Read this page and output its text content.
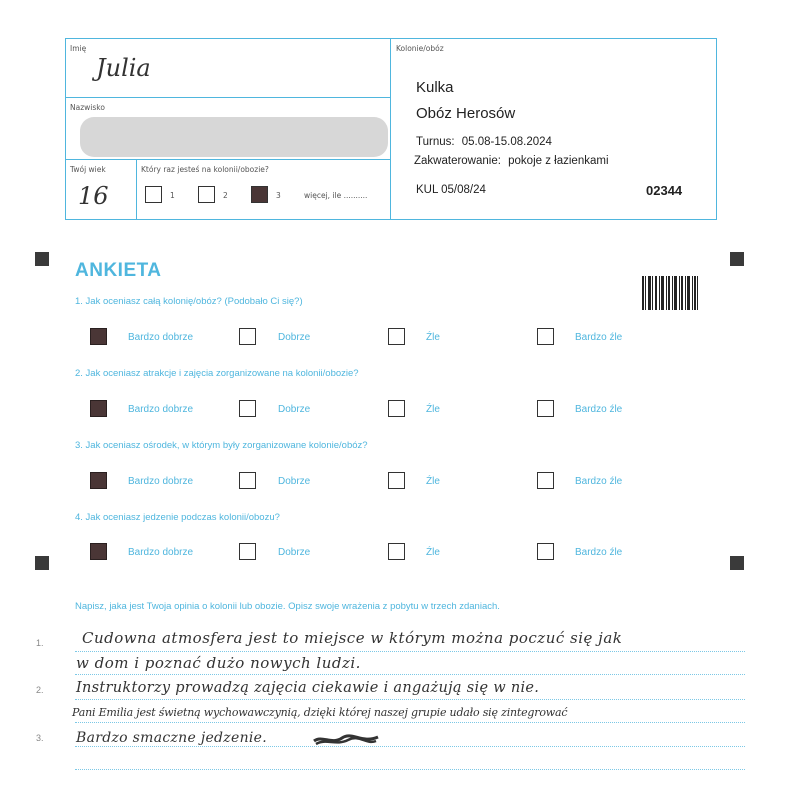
Imię
Julia
Nazwisko
Twój wiek
16
Który raz jesteś na kolonii/obozie?
1	2	3	więcej, ile ..........
Kolonie/obóz
Kulka
Obóz Herosów
Turnus: 05.08-15.08.2024
Zakwaterowanie: pokoje z łazienkami
KUL 05/08/24	02344
ANKIETA
1. Jak oceniasz całą kolonię/obóz? (Podobało Ci się?)
2. Jak oceniasz atrakcje i zajęcia zorganizowane na kolonii/obozie?
3. Jak oceniasz ośrodek, w którym były zorganizowane kolonie/obóz?
4. Jak oceniasz jedzenie podczas kolonii/obozu?
Bardzo dobrze	Dobrze	Źle	Bardzo źle
Bardzo dobrze	Dobrze	Źle	Bardzo źle
Bardzo dobrze	Dobrze	Źle	Bardzo źle
Bardzo dobrze	Dobrze	Źle	Bardzo źle
Napisz, jaka jest Twoja opinia o kolonii lub obozie. Opisz swoje wrażenia z pobytu w trzech zdaniach.
1.
2.
3.
Cudowna atmosfera jest to miejsce w którym można poczuć się jak
w dom i poznać dużo nowych ludzi.
Instruktorzy prowadzą zajęcia ciekawie i angażują się w nie.
Pani Emilia jest świetną wychowawczynią, dzięki której naszej grupie udało się zintegrować
Bardzo smaczne jedzenie.
